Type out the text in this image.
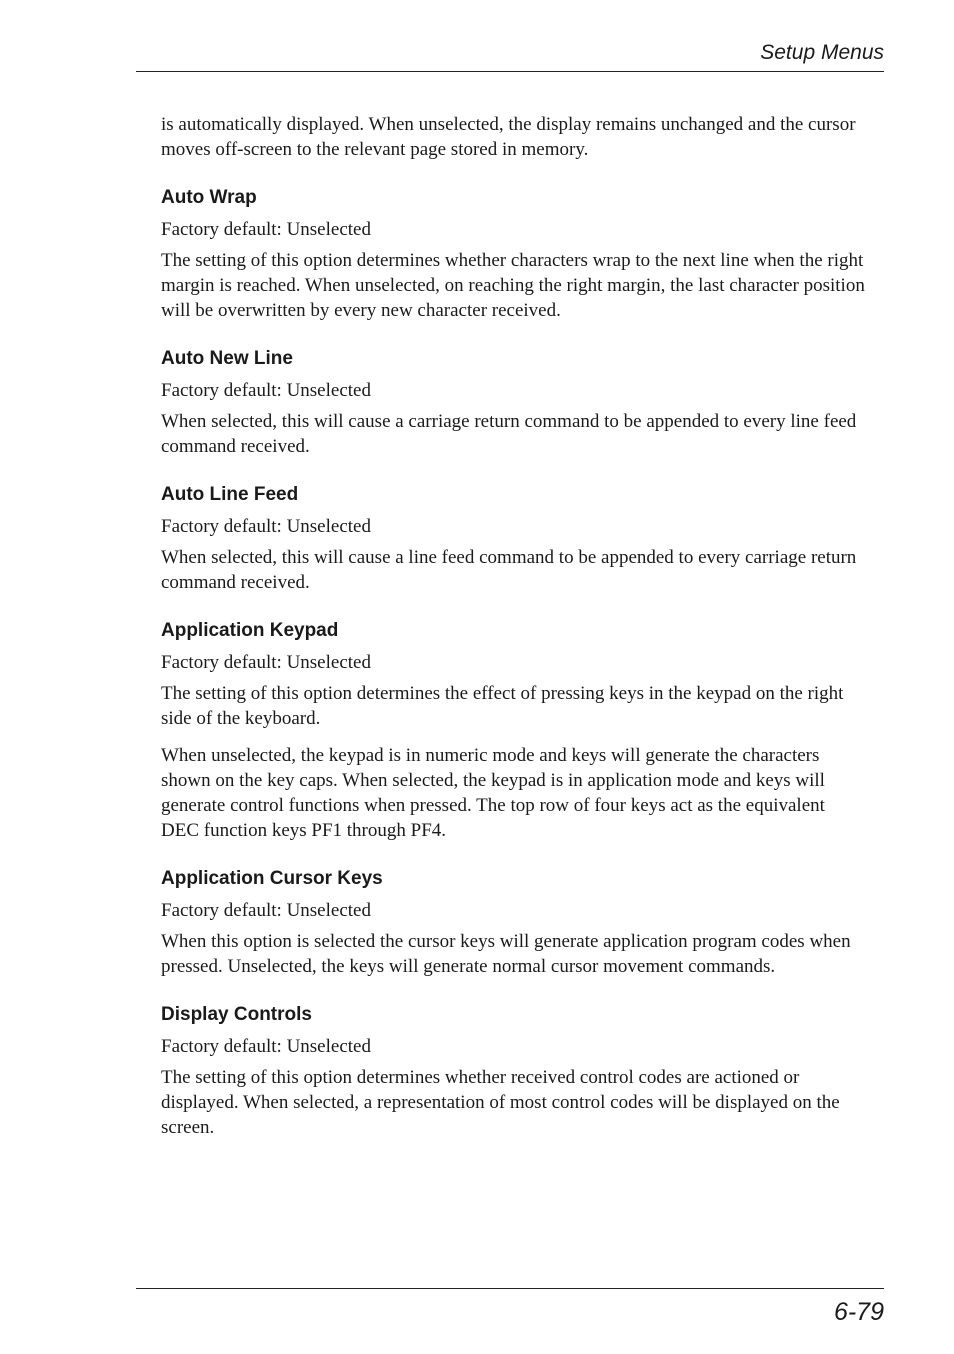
Setup Menus

is automatically displayed. When unselected, the display remains unchanged and the cursor moves off-screen to the relevant page stored in memory.

Auto Wrap

Factory default: Unselected

The setting of this option determines whether characters wrap to the next line when the right margin is reached. When unselected, on reaching the right margin, the last character position will be overwritten by every new character received.

Auto New Line

Factory default: Unselected

When selected, this will cause a carriage return command to be appended to every line feed command received.

Auto Line Feed

Factory default: Unselected

When selected, this will cause a line feed command to be appended to every carriage return command received.

Application Keypad

Factory default: Unselected

The setting of this option determines the effect of pressing keys in the keypad on the right side of the keyboard.

When unselected, the keypad is in numeric mode and keys will generate the characters shown on the key caps. When selected, the keypad is in application mode and keys will generate control functions when pressed. The top row of four keys act as the equivalent DEC function keys PF1 through PF4.

Application Cursor Keys

Factory default: Unselected

When this option is selected the cursor keys will generate application program codes when pressed. Unselected, the keys will generate normal cursor movement commands.

Display Controls

Factory default: Unselected

The setting of this option determines whether received control codes are actioned or displayed. When selected, a representation of most control codes will be displayed on the screen.

6-79
